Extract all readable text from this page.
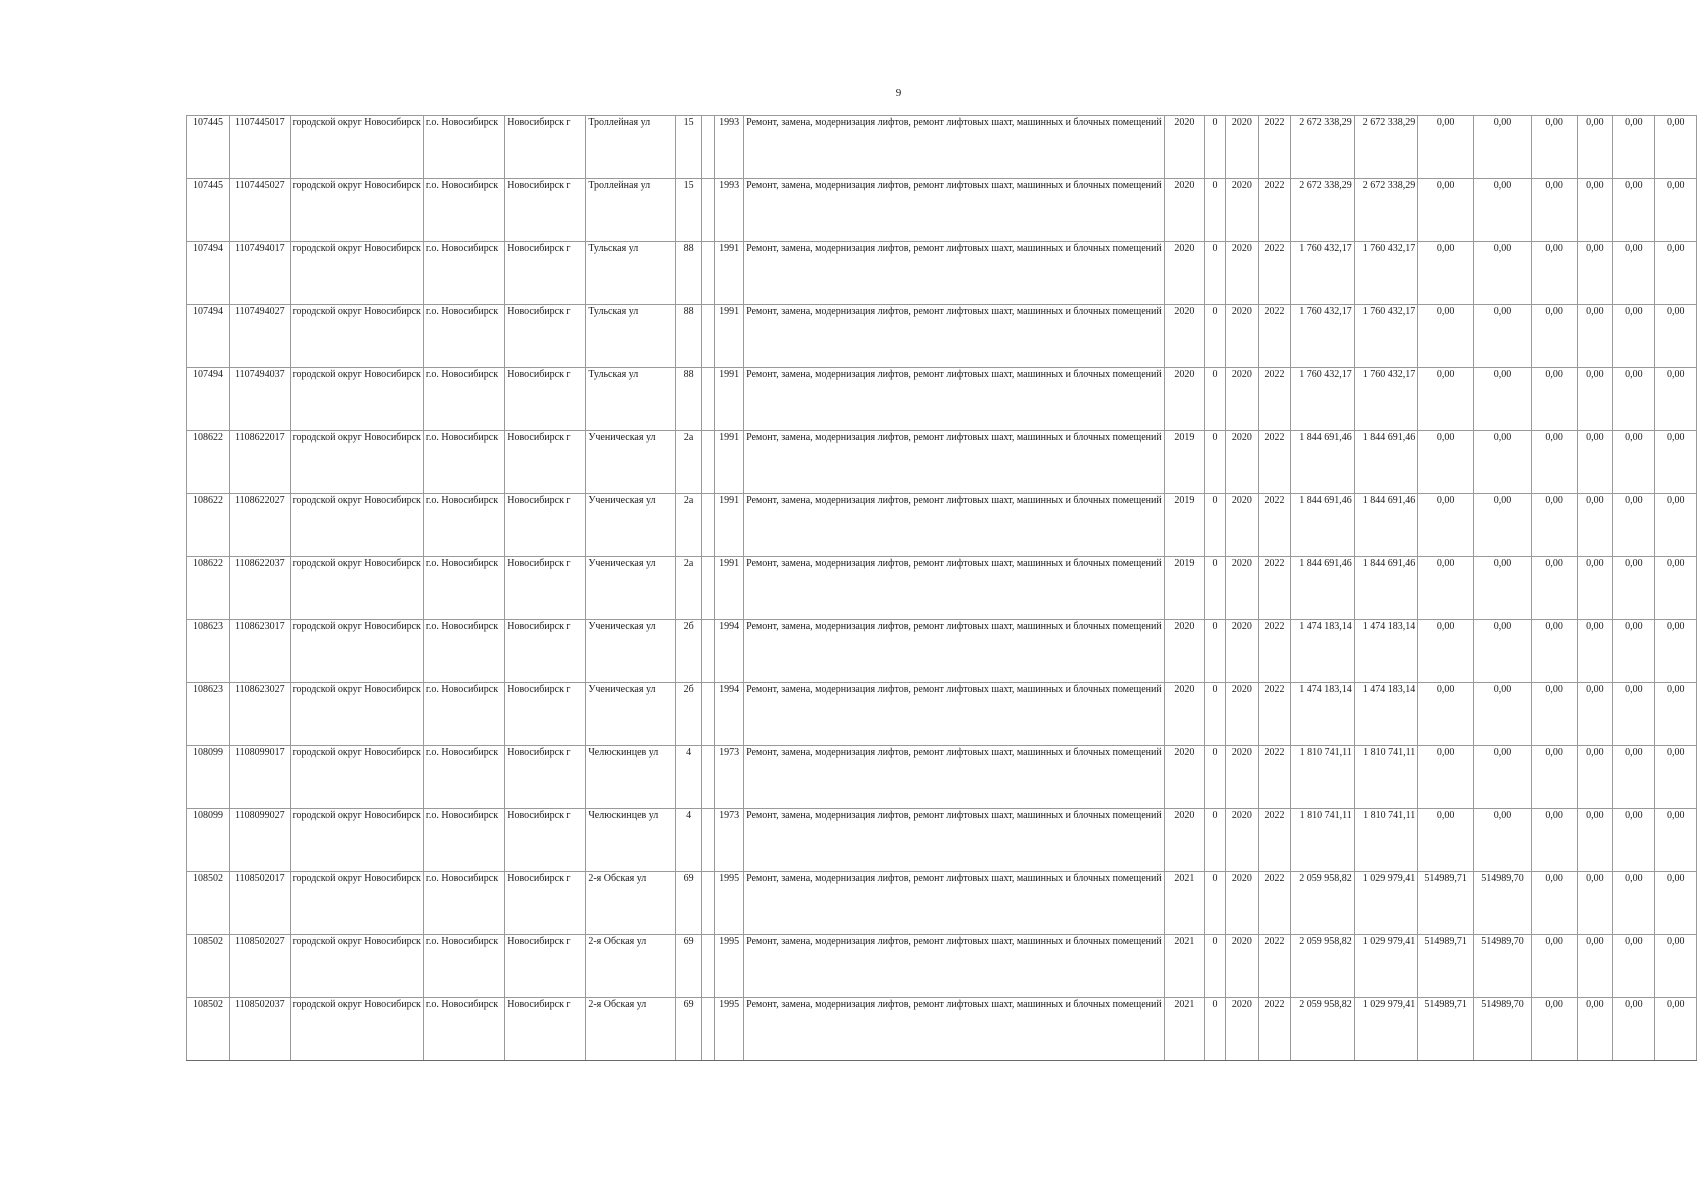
9
107445	1107445017	городской округ Новосибирск	г.о. Новосибирск	Новосибирск г	Троллейная ул	15		1993	Ремонт, замена, модернизация лифтов, ремонт лифтовых шахт, машинных и блочных помещений	2020	0	2020	2022	2 672 338,29	2 672 338,29	0,00	0,00	0,00	0,00	0,00	0,00
107445	1107445027	городской округ Новосибирск	г.о. Новосибирск	Новосибирск г	Троллейная ул	15		1993	Ремонт, замена, модернизация лифтов, ремонт лифтовых шахт, машинных и блочных помещений	2020	0	2020	2022	2 672 338,29	2 672 338,29	0,00	0,00	0,00	0,00	0,00	0,00
107494	1107494017	городской округ Новосибирск	г.о. Новосибирск	Новосибирск г	Тульская ул	88		1991	Ремонт, замена, модернизация лифтов, ремонт лифтовых шахт, машинных и блочных помещений	2020	0	2020	2022	1 760 432,17	1 760 432,17	0,00	0,00	0,00	0,00	0,00	0,00
107494	1107494027	городской округ Новосибирск	г.о. Новосибирск	Новосибирск г	Тульская ул	88		1991	Ремонт, замена, модернизация лифтов, ремонт лифтовых шахт, машинных и блочных помещений	2020	0	2020	2022	1 760 432,17	1 760 432,17	0,00	0,00	0,00	0,00	0,00	0,00
107494	1107494037	городской округ Новосибирск	г.о. Новосибирск	Новосибирск г	Тульская ул	88		1991	Ремонт, замена, модернизация лифтов, ремонт лифтовых шахт, машинных и блочных помещений	2020	0	2020	2022	1 760 432,17	1 760 432,17	0,00	0,00	0,00	0,00	0,00	0,00
108622	1108622017	городской округ Новосибирск	г.о. Новосибирск	Новосибирск г	Ученическая ул	2а		1991	Ремонт, замена, модернизация лифтов, ремонт лифтовых шахт, машинных и блочных помещений	2019	0	2020	2022	1 844 691,46	1 844 691,46	0,00	0,00	0,00	0,00	0,00	0,00
108622	1108622027	городской округ Новосибирск	г.о. Новосибирск	Новосибирск г	Ученическая ул	2а		1991	Ремонт, замена, модернизация лифтов, ремонт лифтовых шахт, машинных и блочных помещений	2019	0	2020	2022	1 844 691,46	1 844 691,46	0,00	0,00	0,00	0,00	0,00	0,00
108622	1108622037	городской округ Новосибирск	г.о. Новосибирск	Новосибирск г	Ученическая ул	2а		1991	Ремонт, замена, модернизация лифтов, ремонт лифтовых шахт, машинных и блочных помещений	2019	0	2020	2022	1 844 691,46	1 844 691,46	0,00	0,00	0,00	0,00	0,00	0,00
108623	1108623017	городской округ Новосибирск	г.о. Новосибирск	Новосибирск г	Ученическая ул	2б		1994	Ремонт, замена, модернизация лифтов, ремонт лифтовых шахт, машинных и блочных помещений	2020	0	2020	2022	1 474 183,14	1 474 183,14	0,00	0,00	0,00	0,00	0,00	0,00
108623	1108623027	городской округ Новосибирск	г.о. Новосибирск	Новосибирск г	Ученическая ул	2б		1994	Ремонт, замена, модернизация лифтов, ремонт лифтовых шахт, машинных и блочных помещений	2020	0	2020	2022	1 474 183,14	1 474 183,14	0,00	0,00	0,00	0,00	0,00	0,00
108099	1108099017	городской округ Новосибирск	г.о. Новосибирск	Новосибирск г	Челюскинцев ул	4		1973	Ремонт, замена, модернизация лифтов, ремонт лифтовых шахт, машинных и блочных помещений	2020	0	2020	2022	1 810 741,11	1 810 741,11	0,00	0,00	0,00	0,00	0,00	0,00
108099	1108099027	городской округ Новосибирск	г.о. Новосибирск	Новосибирск г	Челюскинцев ул	4		1973	Ремонт, замена, модернизация лифтов, ремонт лифтовых шахт, машинных и блочных помещений	2020	0	2020	2022	1 810 741,11	1 810 741,11	0,00	0,00	0,00	0,00	0,00	0,00
108502	1108502017	городской округ Новосибирск	г.о. Новосибирск	Новосибирск г	2-я Обская ул	69		1995	Ремонт, замена, модернизация лифтов, ремонт лифтовых шахт, машинных и блочных помещений	2021	0	2020	2022	2 059 958,82	1 029 979,41	514989,71	514989,70	0,00	0,00	0,00	0,00
108502	1108502027	городской округ Новосибирск	г.о. Новосибирск	Новосибирск г	2-я Обская ул	69		1995	Ремонт, замена, модернизация лифтов, ремонт лифтовых шахт, машинных и блочных помещений	2021	0	2020	2022	2 059 958,82	1 029 979,41	514989,71	514989,70	0,00	0,00	0,00	0,00
108502	1108502037	городской округ Новосибирск	г.о. Новосибирск	Новосибирск г	2-я Обская ул	69		1995	Ремонт, замена, модернизация лифтов, ремонт лифтовых шахт, машинных и блочных помещений	2021	0	2020	2022	2 059 958,82	1 029 979,41	514989,71	514989,70	0,00	0,00	0,00	0,00
